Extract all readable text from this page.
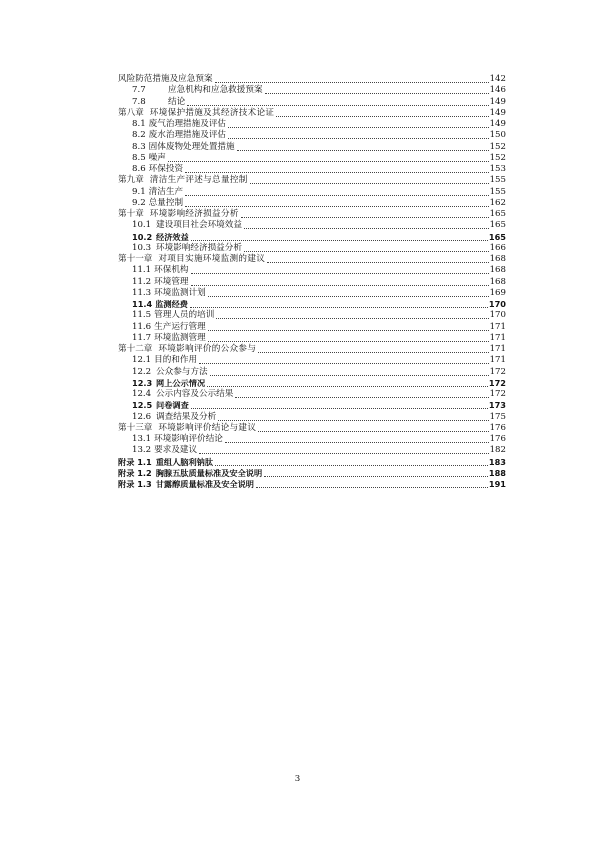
风险防范措施及应急预案	142
7.7	应急机构和应急救援预案	146
7.8	结论	149
第八章 环境保护措施及其经济技术论证	149
8.1 废气治理措施及评估	149
8.2 废水治理措施及评估	150
8.3 固体废物处理处置措施	152
8.5 噪声	152
8.6 环保投资	153
第九章 清洁生产评述与总量控制	155
9.1 清洁生产	155
9.2 总量控制	162
第十章 环境影响经济损益分析	165
10.1 建设项目社会环境效益	165
10.2 经济效益	165
10.3 环境影响经济损益分析	166
第十一章 对项目实施环境监测的建议	168
11.1 环保机构	168
11.2 环境管理	168
11.3 环境监测计划	169
11.4 监测经费	170
11.5 管理人员的培训	170
11.6 生产运行管理	171
11.7 环境监测管理	171
第十二章 环境影响评价的公众参与	171
12.1 目的和作用	171
12.2 公众参与方法	172
12.3 网上公示情况	172
12.4 公示内容及公示结果	172
12.5 问卷调查	173
12.6 调查结果及分析	175
第十三章 环境影响评价结论与建议	176
13.1 环境影响评价结论	176
13.2 要求及建议	182
附录 1.1 重组人脑利钠肽	183
附录 1.2 胸腺五肽质量标准及安全说明	188
附录 1.3 甘露醇质量标准及安全说明	191
3
